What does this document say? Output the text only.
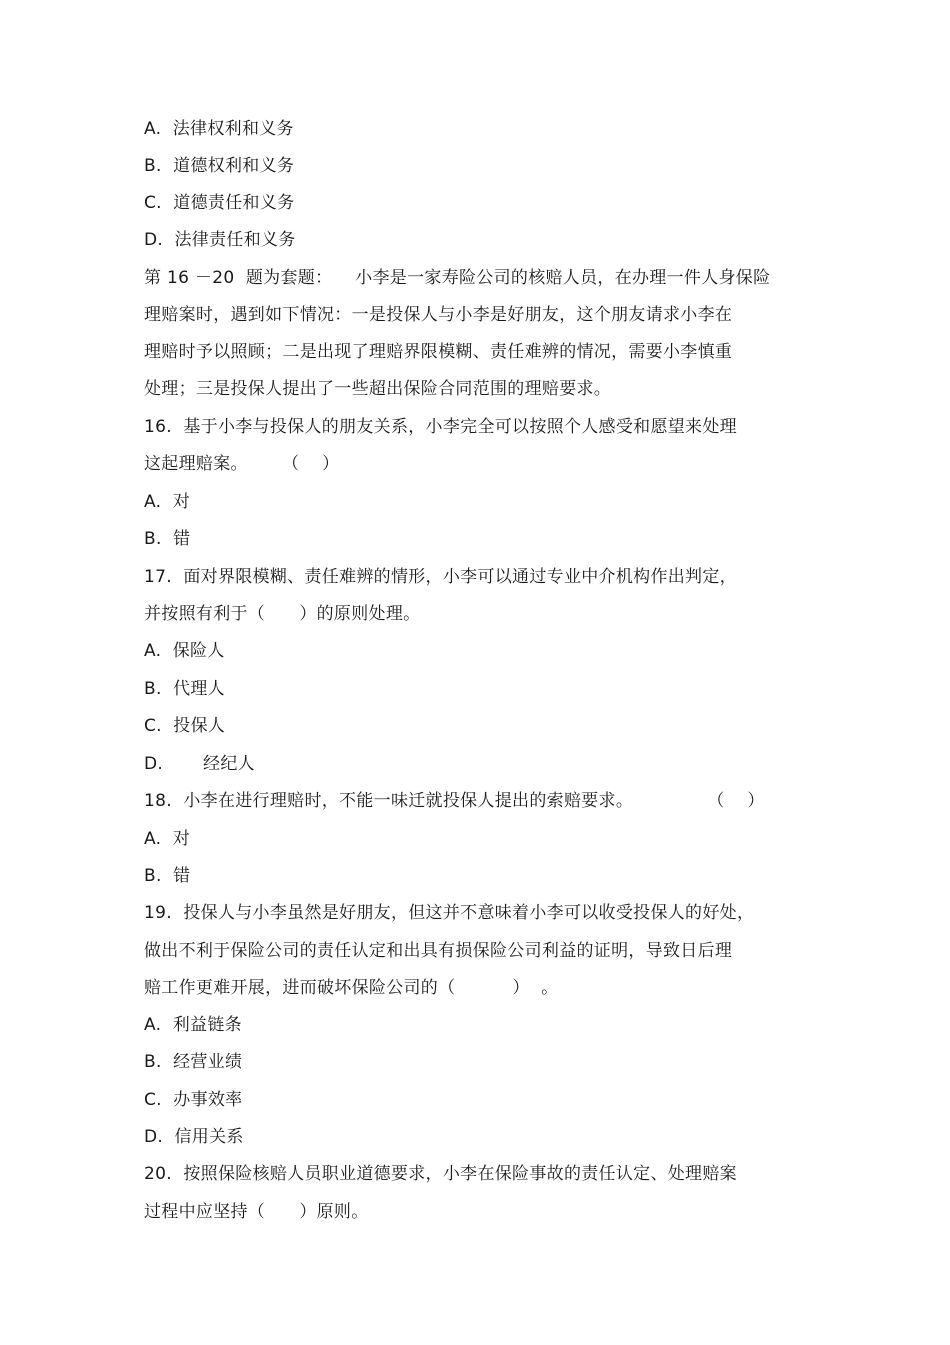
A.  法律权利和义务
B.  道德权利和义务
C.  道德责任和义务
D.  法律责任和义务
第 16 －20  题为套题：    小李是一家寿险公司的核赔人员，在办理一件人身保险
理赔案时，遇到如下情况：一是投保人与小李是好朋友，这个朋友请求小李在
理赔时予以照顾；二是出现了理赔界限模糊、责任难辨的情况，需要小李慎重
处理；三是投保人提出了一些超出保险合同范围的理赔要求。
16.  基于小李与投保人的朋友关系，小李完全可以按照个人感受和愿望来处理
这起理赔案。      （    ）
A.  对
B.  错
17.  面对界限模糊、责任难辨的情形，小李可以通过专业中介机构作出判定，
并按照有利于（      ）的原则处理。
A.  保险人
B.  代理人
C.  投保人
D.       经纪人
18.  小李在进行理赔时，不能一味迁就投保人提出的索赔要求。             （    ）
A.  对
B.  错
19.  投保人与小李虽然是好朋友，但这并不意味着小李可以收受投保人的好处，
做出不利于保险公司的责任认定和出具有损保险公司利益的证明，导致日后理
赔工作更难开展，进而破坏保险公司的（          ）  。
A.  利益链条
B.  经营业绩
C.  办事效率
D.  信用关系
20.  按照保险核赔人员职业道德要求，小李在保险事故的责任认定、处理赔案
过程中应坚持（      ）原则。
